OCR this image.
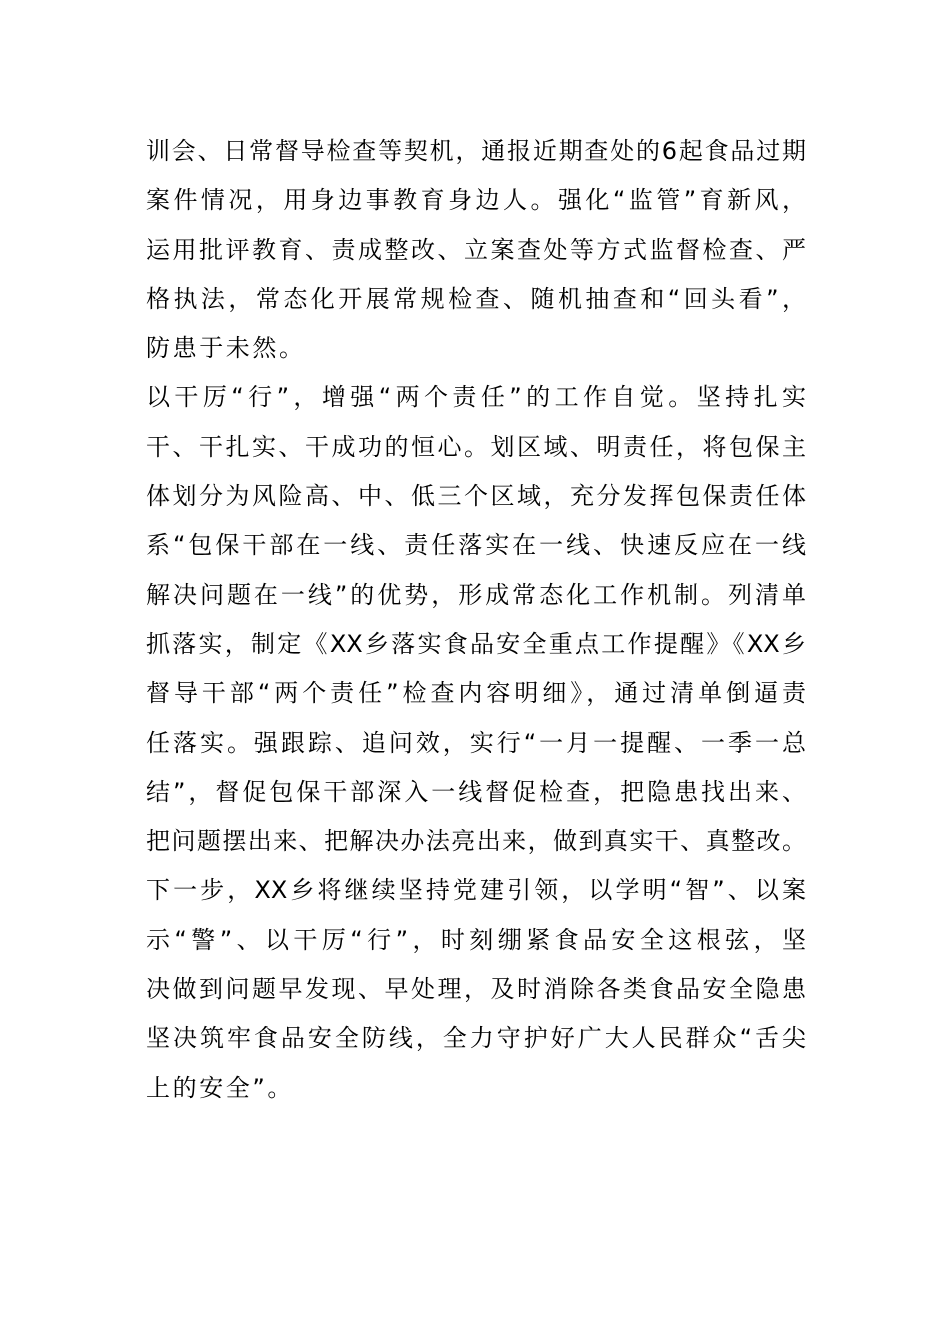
训会、日常督导检查等契机，通报近期查处的6起食品过期
案件情况，用身边事教育身边人。强化“监管”育新风，
运用批评教育、责成整改、立案查处等方式监督检查、严
格执法，常态化开展常规检查、随机抽查和“回头看”，
防患于未然。
以干厉“行”，增强“两个责任”的工作自觉。坚持扎实
干、干扎实、干成功的恒心。划区域、明责任，将包保主
体划分为风险高、中、低三个区域，充分发挥包保责任体
系“包保干部在一线、责任落实在一线、快速反应在一线
解决问题在一线”的优势，形成常态化工作机制。列清单
抓落实，制定《XX乡落实食品安全重点工作提醒》《XX乡
督导干部“两个责任”检查内容明细》，通过清单倒逼责
任落实。强跟踪、追问效，实行“一月一提醒、一季一总
结”，督促包保干部深入一线督促检查，把隐患找出来、
把问题摆出来、把解决办法亮出来，做到真实干、真整改。
下一步，XX乡将继续坚持党建引领，以学明“智”、以案
示“警”、以干厉“行”，时刻绷紧食品安全这根弦，坚
决做到问题早发现、早处理，及时消除各类食品安全隐患
坚决筑牢食品安全防线，全力守护好广大人民群众“舌尖
上的安全”。
